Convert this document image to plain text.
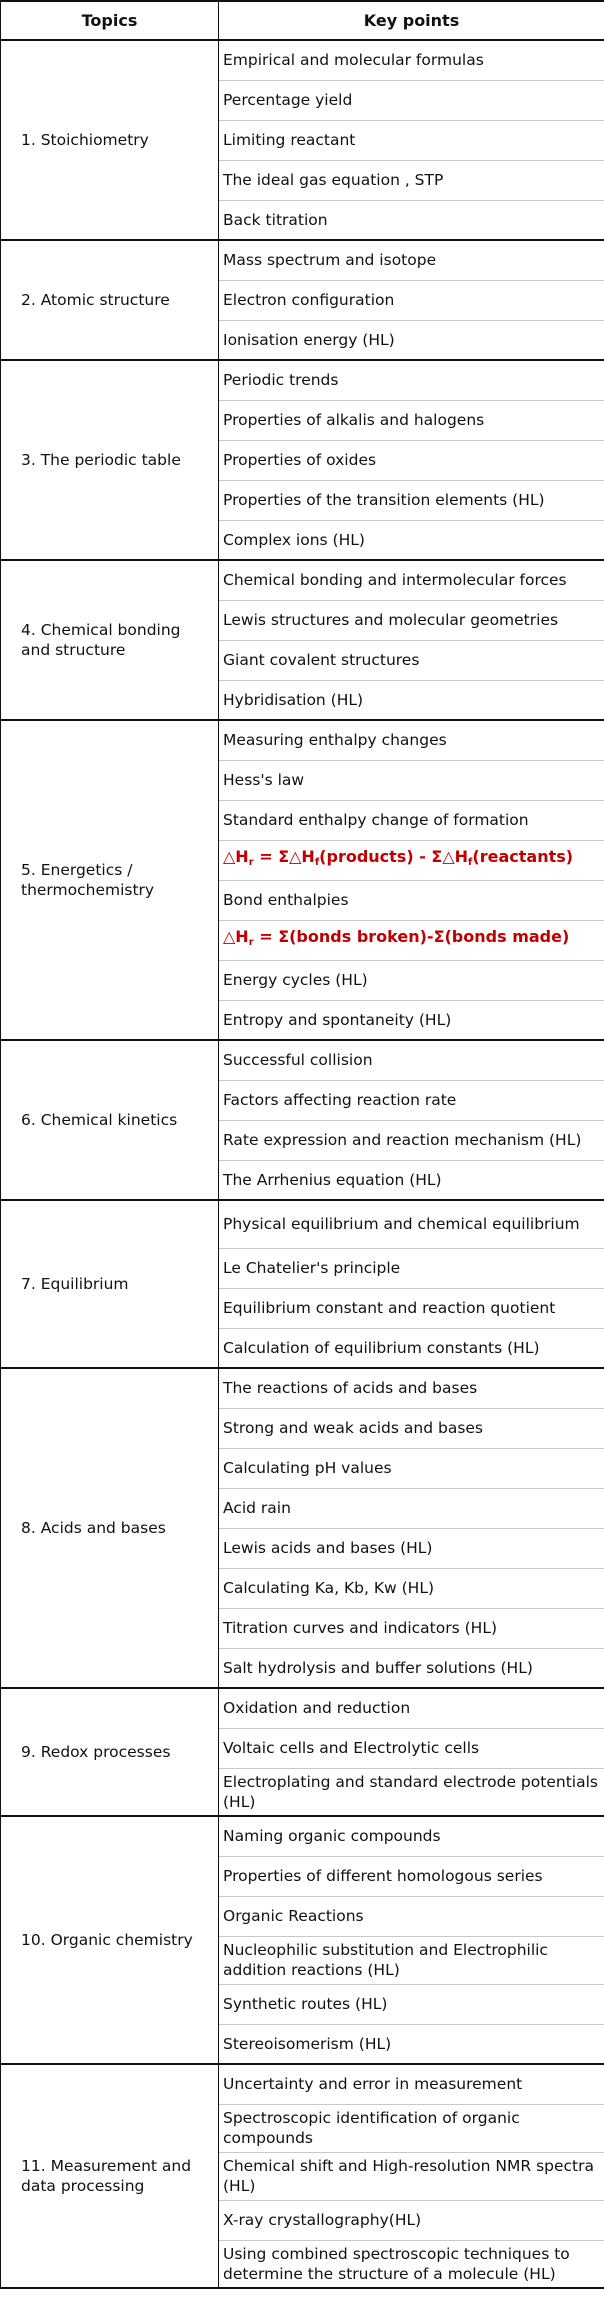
Topics	Key points
1. Stoichiometry	Empirical and molecular formulas
	Percentage yield
	Limiting reactant
	The ideal gas equation , STP
	Back titration
2. Atomic structure	Mass spectrum and isotope
	Electron configuration
	Ionisation energy (HL)
3. The periodic table	Periodic trends
	Properties of alkalis and halogens
	Properties of oxides
	Properties of the transition elements (HL)
	Complex ions (HL)
4. Chemical bonding and structure	Chemical bonding and intermolecular forces
	Lewis structures and molecular geometries
	Giant covalent structures
	Hybridisation (HL)
5. Energetics / thermochemistry	Measuring enthalpy changes
	Hess's law
	Standard enthalpy change of formation
	$\triangle H_r$ = $\Sigma\triangle H_f(products)$ - $\Sigma\triangle H_f(reactants)$
	Bond enthalpies
	$\triangle H_r$ = Σ(bonds broken)-Σ(bonds made)
	Energy cycles (HL)
	Entropy and spontaneity (HL)
6. Chemical kinetics	Successful collision
	Factors affecting reaction rate
	Rate expression and reaction mechanism (HL)
	The Arrhenius equation (HL)
7. Equilibrium	Physical equilibrium and chemical equilibrium
	Le Chatelier's principle
	Equilibrium constant and reaction quotient
	Calculation of equilibrium constants (HL)
8. Acids and bases	The reactions of acids and bases
	Strong and weak acids and bases
	Calculating pH values
	Acid rain
	Lewis acids and bases (HL)
	Calculating Ka, Kb, Kw (HL)
	Titration curves and indicators (HL)
	Salt hydrolysis and buffer solutions (HL)
9. Redox processes	Oxidation and reduction
	Voltaic cells and Electrolytic cells
	Electroplating and standard electrode potentials (HL)
10. Organic chemistry	Naming organic compounds
	Properties of different homologous series
	Organic Reactions
	Nucleophilic substitution and Electrophilic addition reactions (HL)
	Synthetic routes (HL)
	Stereoisomerism (HL)
11. Measurement and data processing	Uncertainty and error in measurement
	Spectroscopic identification of organic compounds
	Chemical shift and High-resolution NMR spectra (HL)
	X-ray crystallography(HL)
	Using combined spectroscopic techniques to determine the structure of a molecule (HL)
